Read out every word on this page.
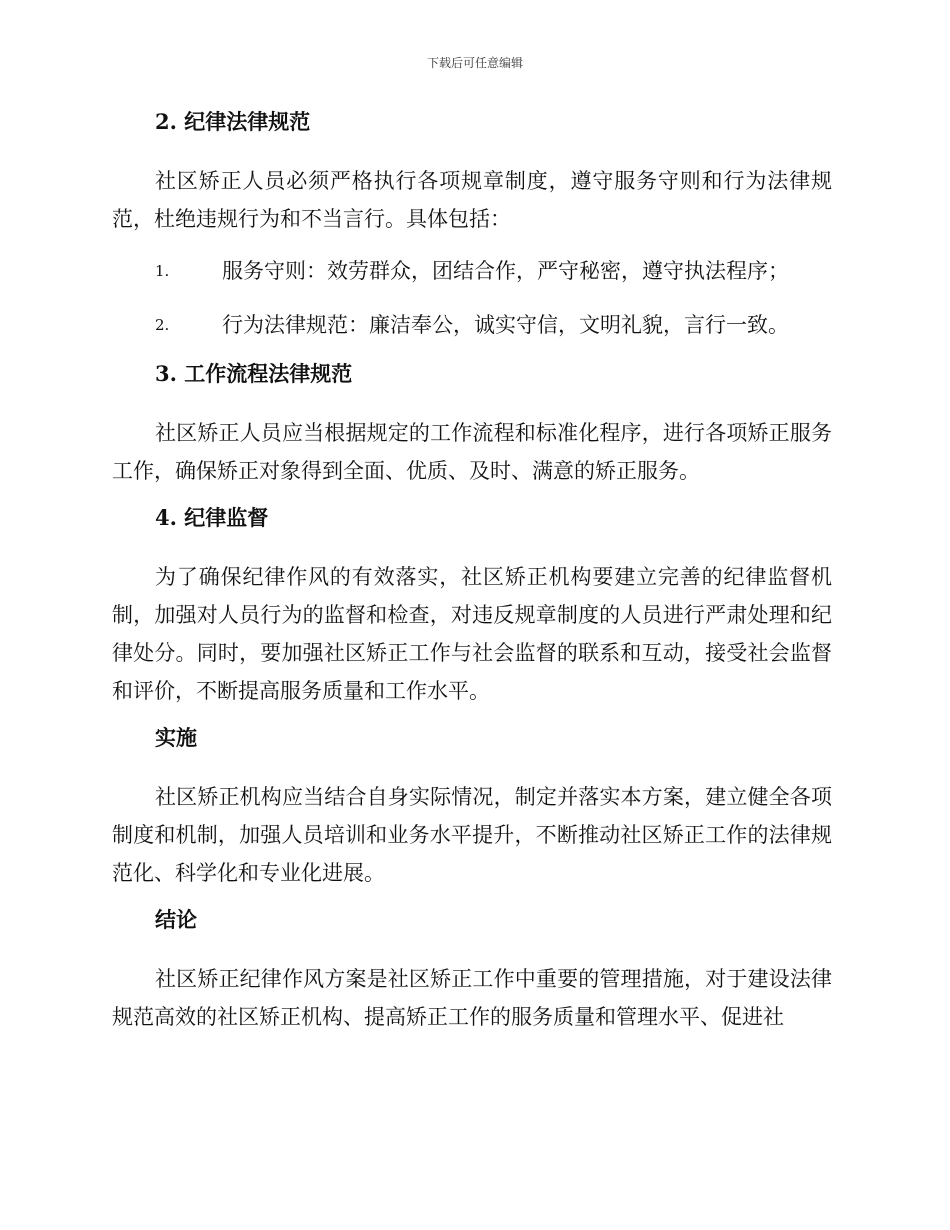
下载后可任意编辑
2. 纪律法律规范

社区矫正人员必须严格执行各项规章制度，遵守服务守则和行为法律规范，杜绝违规行为和不当言行。具体包括：

1.	服务守则：效劳群众，团结合作，严守秘密，遵守执法程序；
2.	行为法律规范：廉洁奉公，诚实守信，文明礼貌，言行一致。
3. 工作流程法律规范

社区矫正人员应当根据规定的工作流程和标准化程序，进行各项矫正服务工作，确保矫正对象得到全面、优质、及时、满意的矫正服务。

4. 纪律监督

为了确保纪律作风的有效落实，社区矫正机构要建立完善的纪律监督机制，加强对人员行为的监督和检查，对违反规章制度的人员进行严肃处理和纪律处分。同时，要加强社区矫正工作与社会监督的联系和互动，接受社会监督和评价，不断提高服务质量和工作水平。

实施

社区矫正机构应当结合自身实际情况，制定并落实本方案，建立健全各项制度和机制，加强人员培训和业务水平提升，不断推动社区矫正工作的法律规范化、科学化和专业化进展。

结论

社区矫正纪律作风方案是社区矫正工作中重要的管理措施，对于建设法律规范高效的社区矫正机构、提高矫正工作的服务质量和管理水平、促进社
